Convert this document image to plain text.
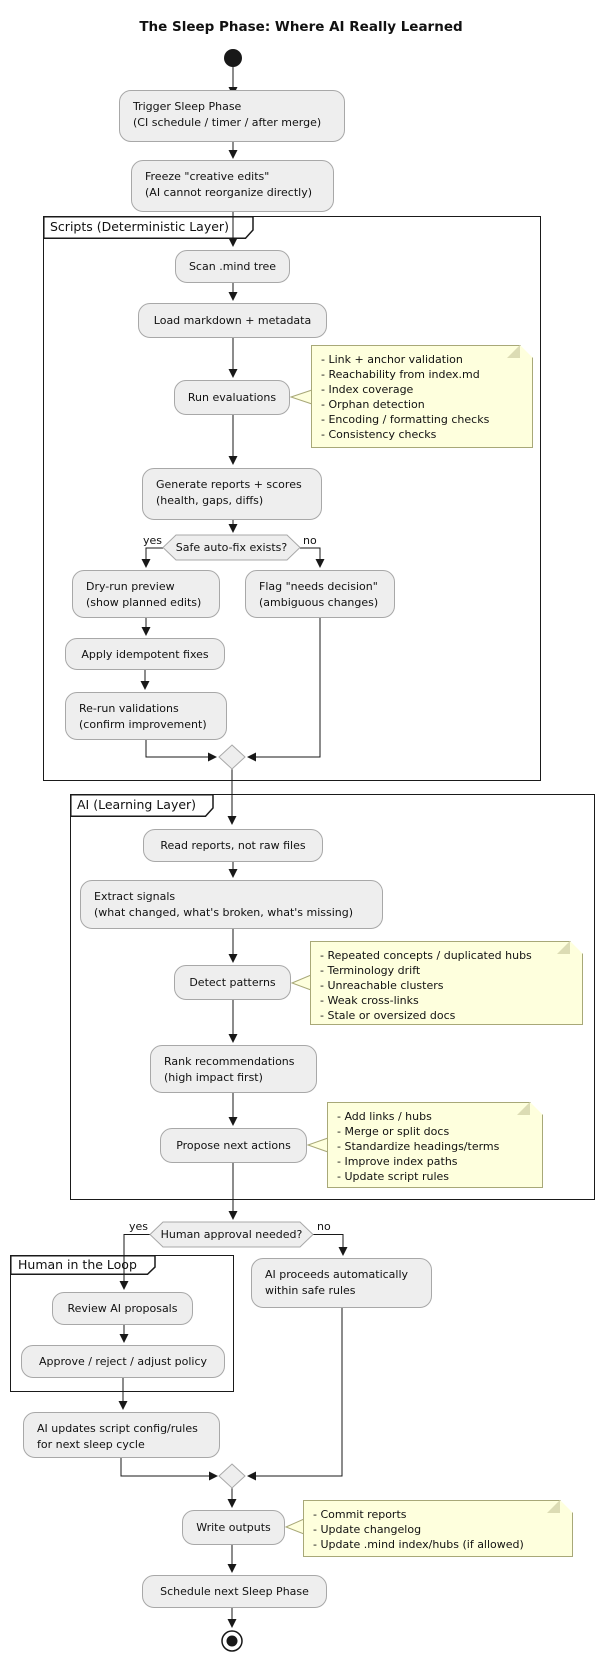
The Sleep Phase: Where AI Really Learned
Scripts (Deterministic Layer)
AI (Learning Layer)
Human in the Loop
Trigger Sleep Phase
(CI schedule / timer / after merge)
Freeze "creative edits"
(AI cannot reorganize directly)
Scan .mind tree
Load markdown + metadata
Run evaluations
- Link + anchor validation
- Reachability from index.md
- Index coverage
- Orphan detection
- Encoding / formatting checks
- Consistency checks
Generate reports + scores
(health, gaps, diffs)
Safe auto-fix exists?
yes	no
Dry-run preview
(show planned edits)
Flag "needs decision"
(ambiguous changes)
Apply idempotent fixes
Re-run validations
(confirm improvement)
Read reports, not raw files
Extract signals
(what changed, what's broken, what's missing)
Detect patterns
- Repeated concepts / duplicated hubs
- Terminology drift
- Unreachable clusters
- Weak cross-links
- Stale or oversized docs
Rank recommendations
(high impact first)
Propose next actions
- Add links / hubs
- Merge or split docs
- Standardize headings/terms
- Improve index paths
- Update script rules
Human approval needed?
yes	no
Review AI proposals
Approve / reject / adjust policy
AI proceeds automatically
within safe rules
AI updates script config/rules
for next sleep cycle
Write outputs
- Commit reports
- Update changelog
- Update .mind index/hubs (if allowed)
Schedule next Sleep Phase
